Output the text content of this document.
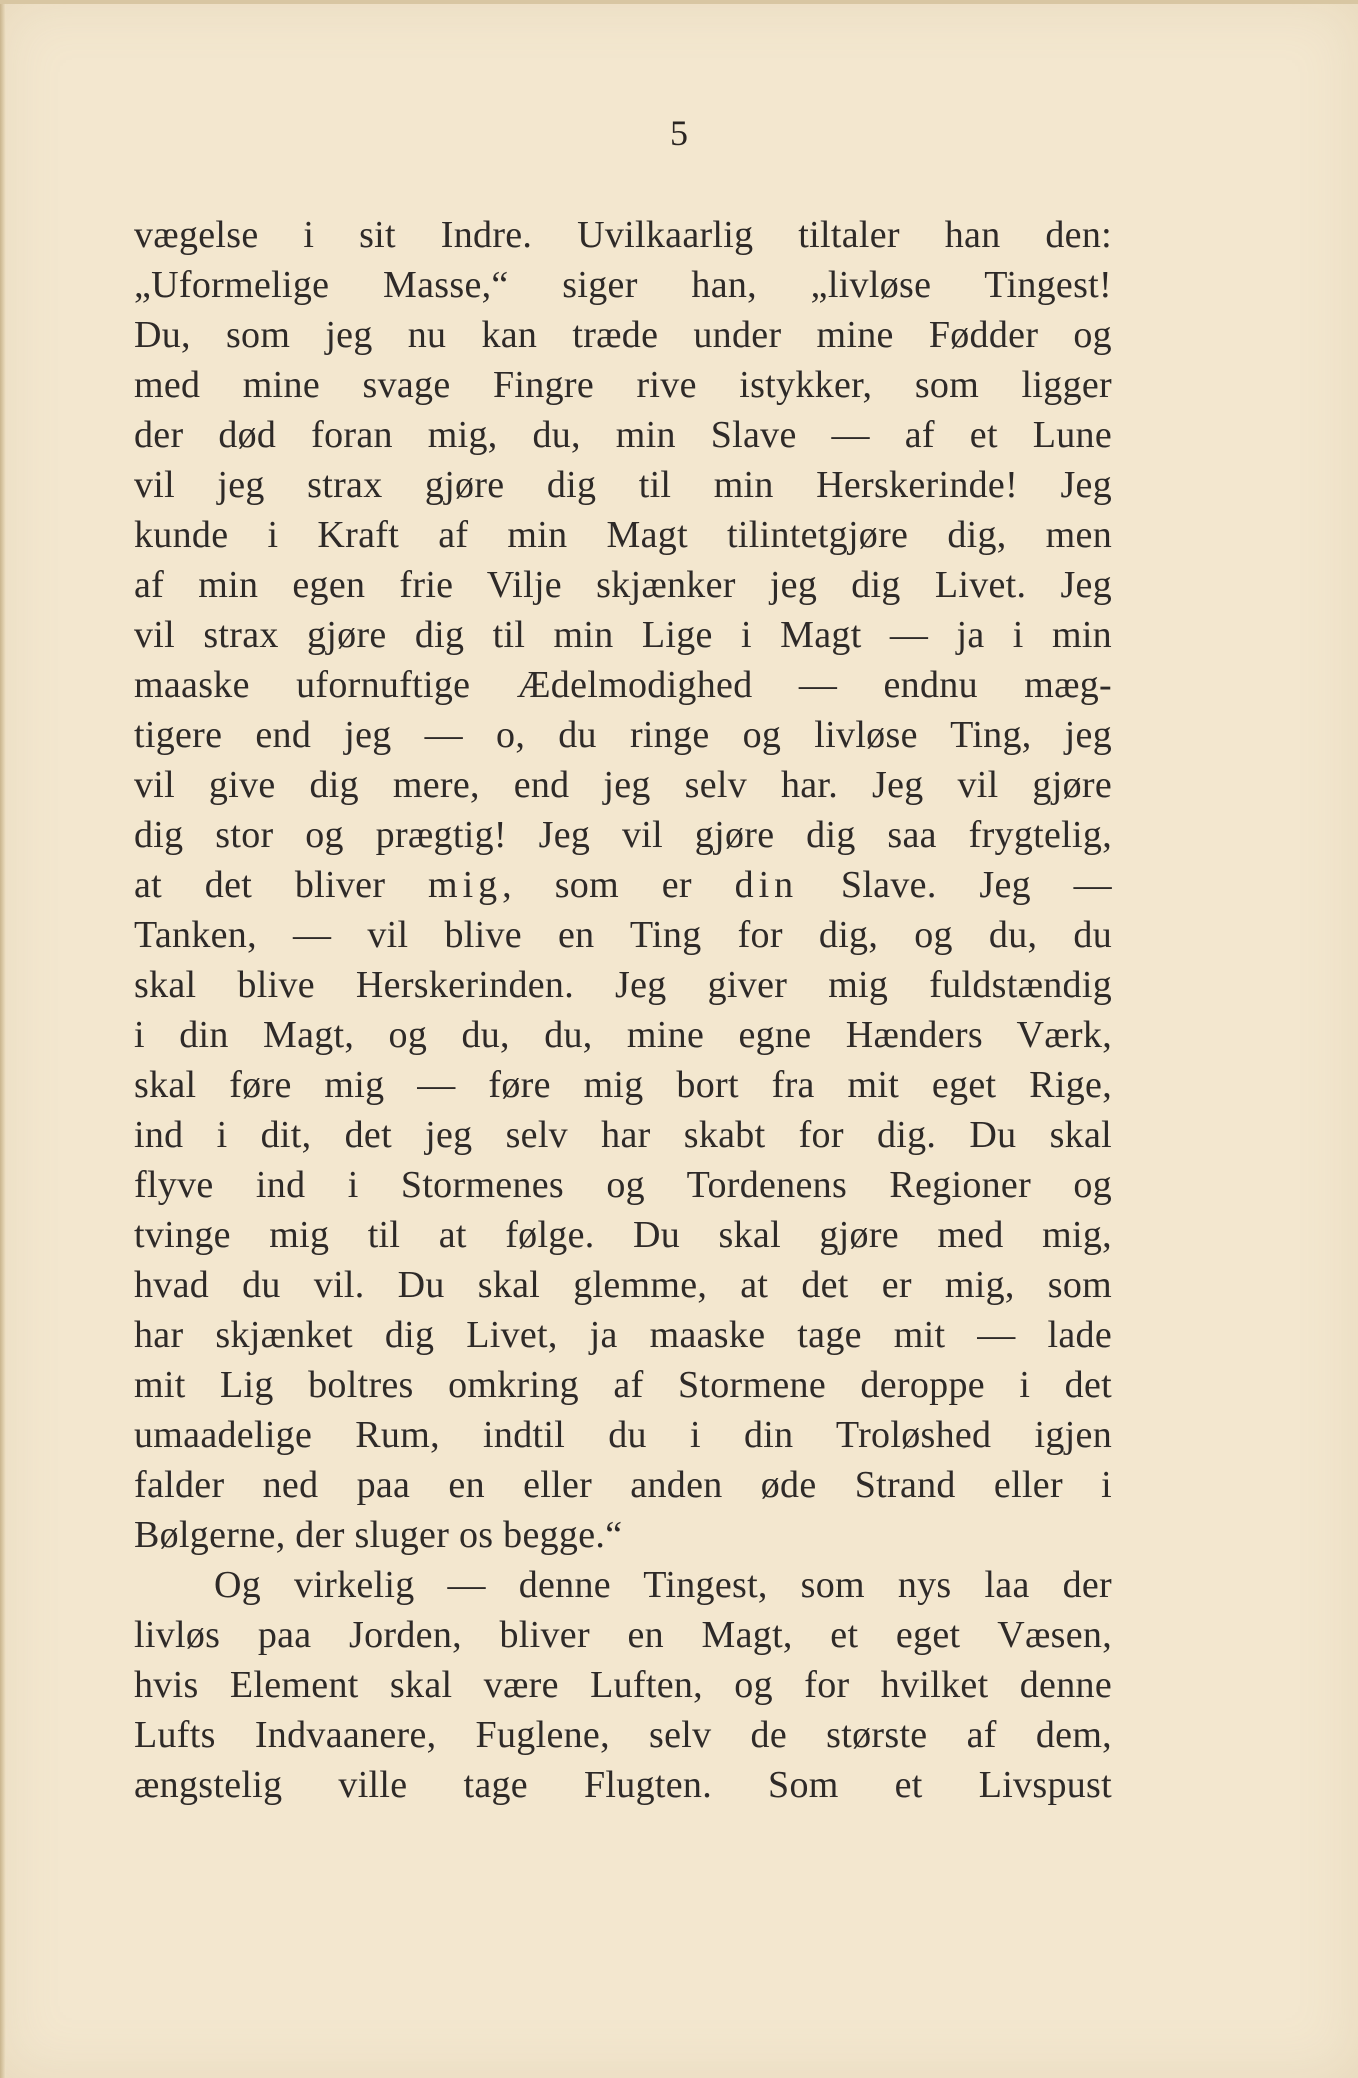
5
vægelse i sit Indre. Uvilkaarlig tiltaler han den:
„Uformelige Masse,“ siger han, „livløse Tingest!
Du, som jeg nu kan træde under mine Fødder og
med mine svage Fingre rive istykker, som ligger
der død foran mig, du, min Slave — af et Lune
vil jeg strax gjøre dig til min Herskerinde! Jeg
kunde i Kraft af min Magt tilintetgjøre dig, men
af min egen frie Vilje skjænker jeg dig Livet. Jeg
vil strax gjøre dig til min Lige i Magt — ja i min
maaske ufornuftige Ædelmodighed — endnu mæg-
tigere end jeg — o, du ringe og livløse Ting, jeg
vil give dig mere, end jeg selv har. Jeg vil gjøre
dig stor og prægtig! Jeg vil gjøre dig saa frygtelig,
at det bliver mig, som er din Slave. Jeg —
Tanken, — vil blive en Ting for dig, og du, du
skal blive Herskerinden. Jeg giver mig fuldstændig
i din Magt, og du, du, mine egne Hænders Værk,
skal føre mig — føre mig bort fra mit eget Rige,
ind i dit, det jeg selv har skabt for dig. Du skal
flyve ind i Stormenes og Tordenens Regioner og
tvinge mig til at følge. Du skal gjøre med mig,
hvad du vil. Du skal glemme, at det er mig, som
har skjænket dig Livet, ja maaske tage mit — lade
mit Lig boltres omkring af Stormene deroppe i det
umaadelige Rum, indtil du i din Troløshed igjen
falder ned paa en eller anden øde Strand eller i
Bølgerne, der sluger os begge.“
Og virkelig — denne Tingest, som nys laa der
livløs paa Jorden, bliver en Magt, et eget Væsen,
hvis Element skal være Luften, og for hvilket denne
Lufts Indvaanere, Fuglene, selv de største af dem,
ængstelig ville tage Flugten. Som et Livspust
